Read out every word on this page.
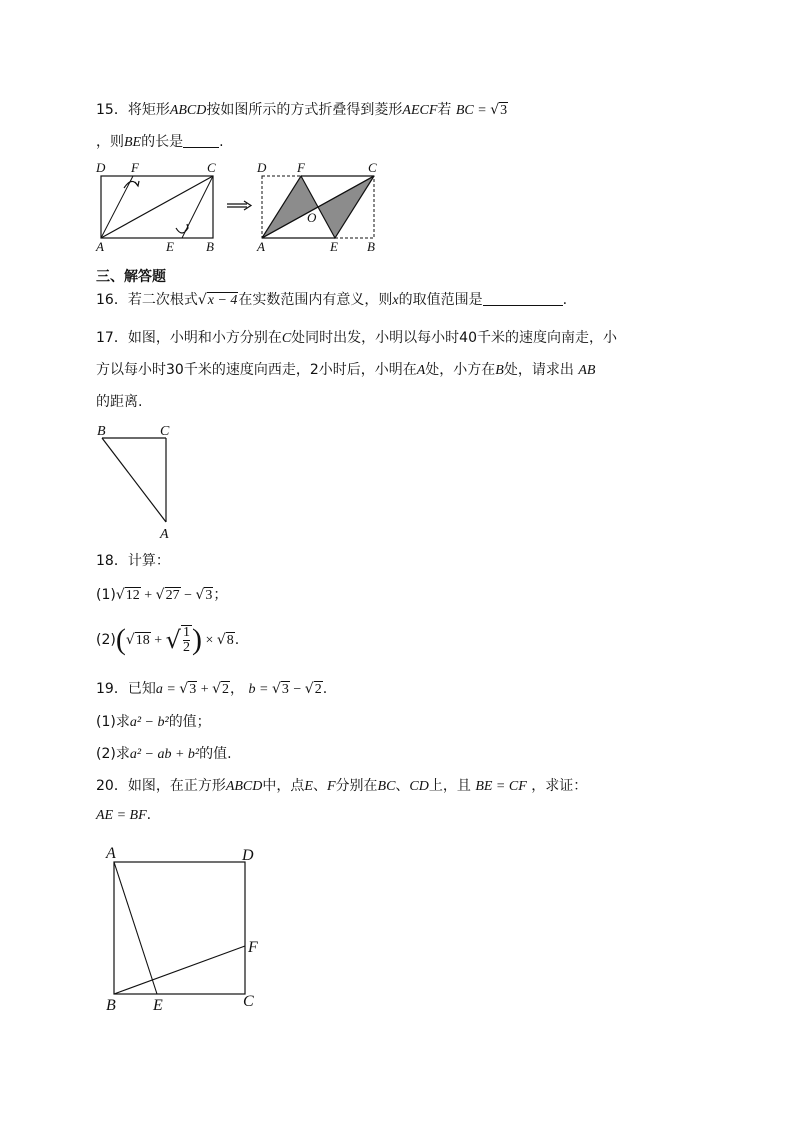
15．将矩形ABCD按如图所示的方式折叠得到菱形AECF若 BC = √3
，则BE的长是	.
D F	C
A	E B
D F	C
O
A	E B
三、解答题
16．若二次根式√x − 4在实数范围内有意义，则x的取值范围是	.
17．如图，小明和小方分别在C处同时出发，小明以每小时40千米的速度向南走，小
方以每小时30千米的速度向西走，2小时后，小明在A处，小方在B处，请求出 AB
的距离.
B	C
A
18．计算：
(1)√12 + √27 − √3；
(2)(√18 + √ $\frac{1}{2}$ ) × √8.
19．已知a = √3 + √2， b = √3 − √2.
(1)求a² − b²的值；
(2)求a² − ab + b²的值.
20．如图，在正方形ABCD中，点E、F分别在BC、CD上，且 BE = CF ，求证：
AE = BF.
A	D
F
B E	C
